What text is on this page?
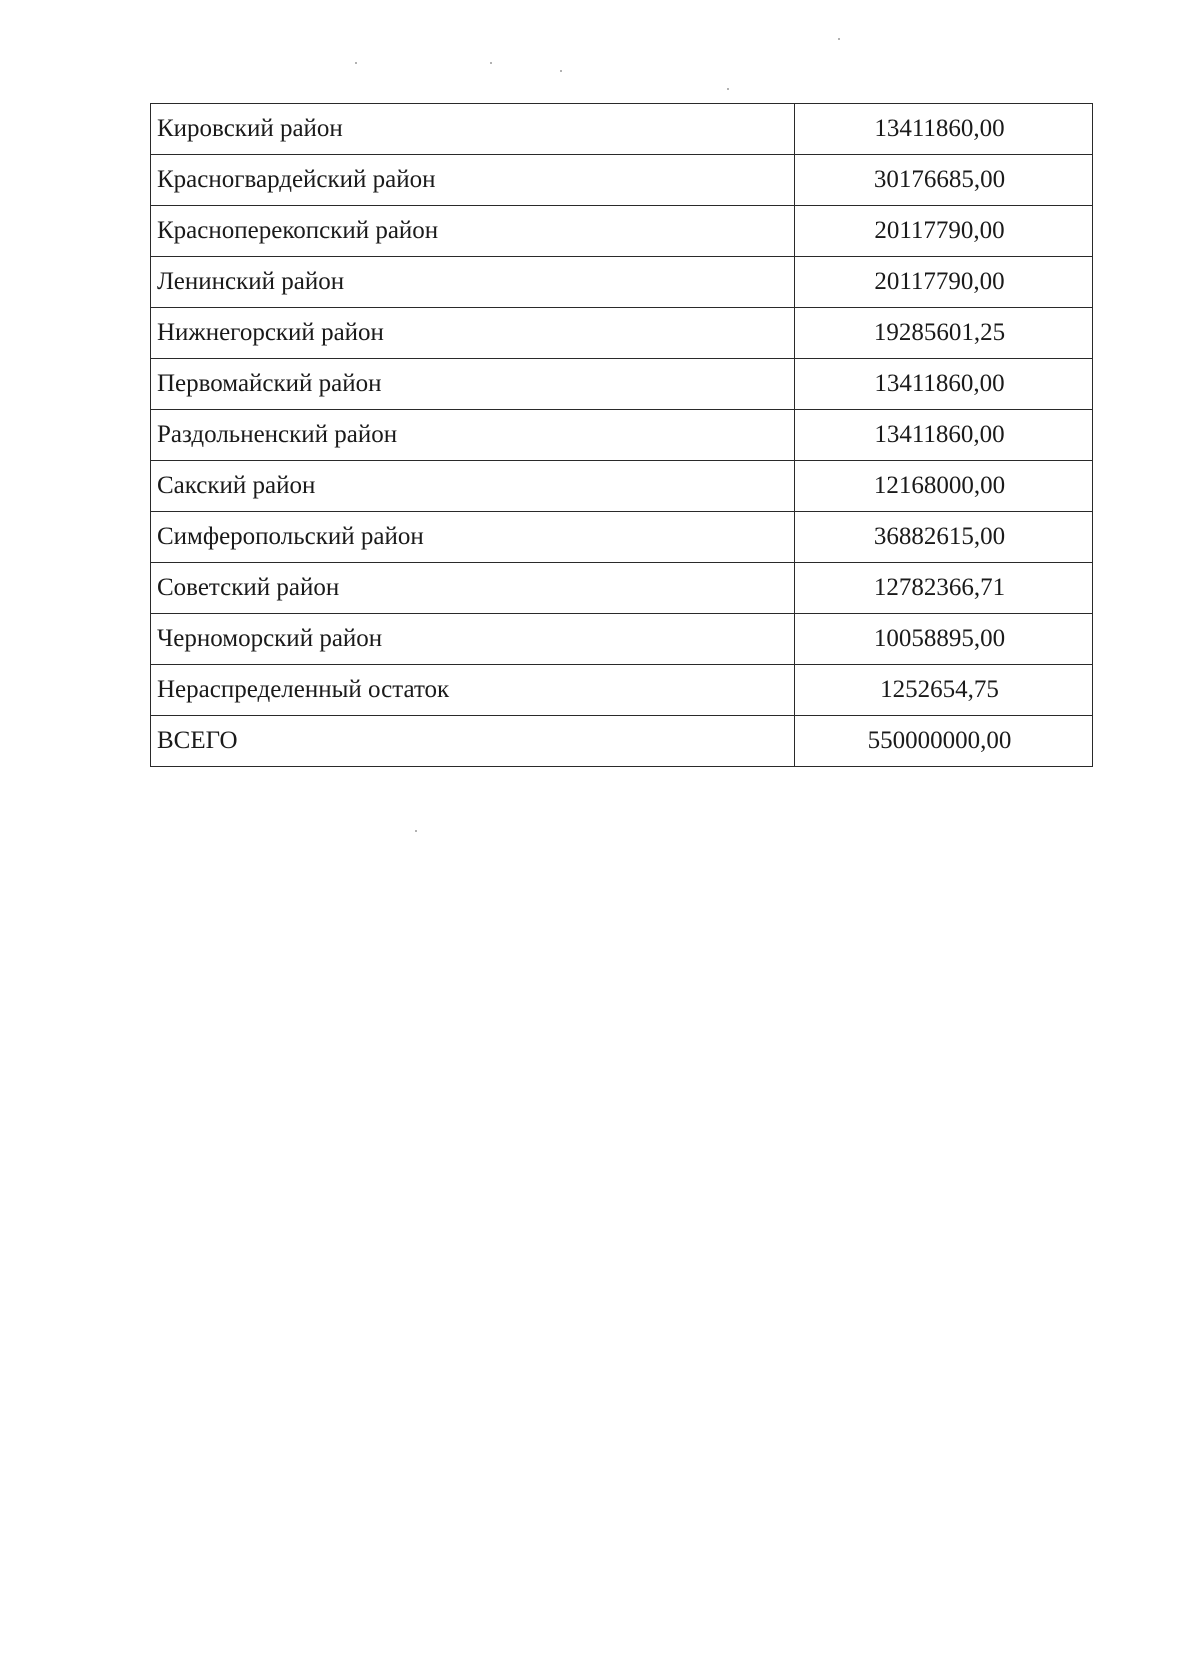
Кировский район	13411860,00
Красногвардейский район	30176685,00
Красноперекопский район	20117790,00
Ленинский район	20117790,00
Нижнегорский район	19285601,25
Первомайский район	13411860,00
Раздольненский район	13411860,00
Сакский район	12168000,00
Симферопольский район	36882615,00
Советский район	12782366,71
Черноморский район	10058895,00
Нераспределенный остаток	1252654,75
ВСЕГО	550000000,00
